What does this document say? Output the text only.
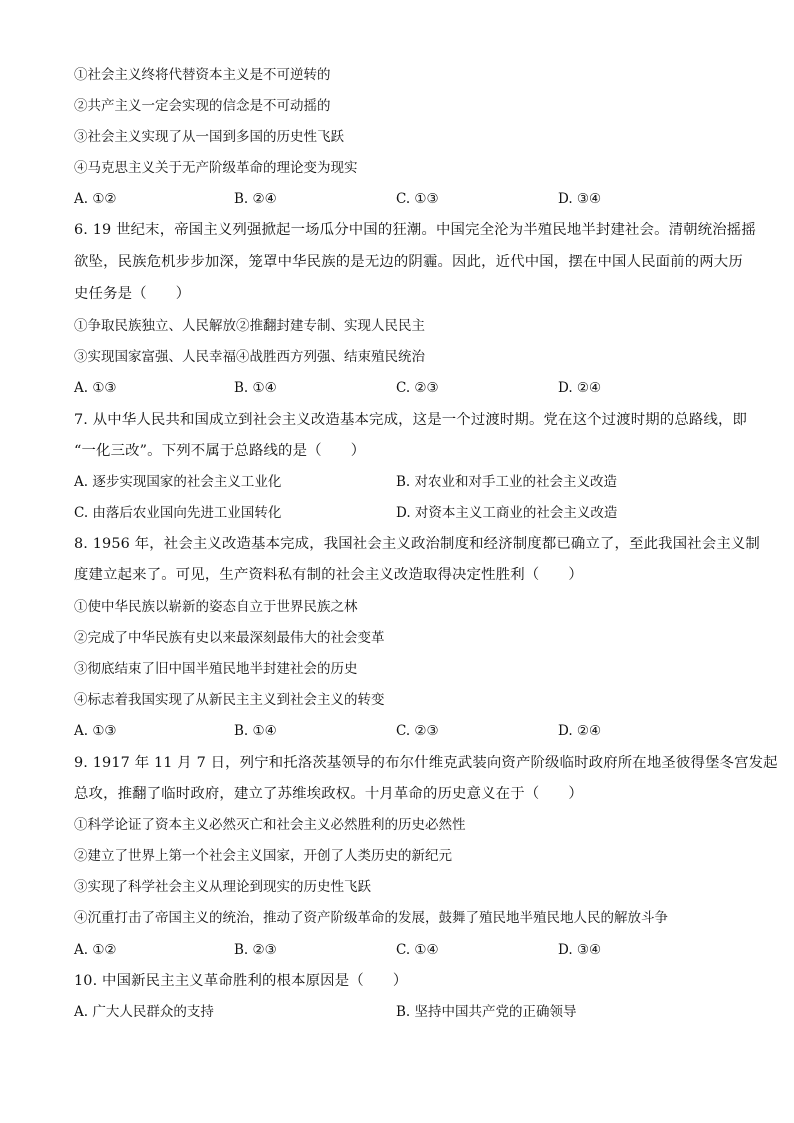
①社会主义终将代替资本主义是不可逆转的
②共产主义一定会实现的信念是不可动摇的
③社会主义实现了从一国到多国的历史性飞跃
④马克思主义关于无产阶级革命的理论变为现实
A. ①②	B. ②④	C. ①③	D. ③④
6. 19 世纪末，帝国主义列强掀起一场瓜分中国的狂潮。中国完全沦为半殖民地半封建社会。清朝统治摇摇
欲坠，民族危机步步加深，笼罩中华民族的是无边的阴霾。因此，近代中国，摆在中国人民面前的两大历
史任务是（　　）
①争取民族独立、人民解放②推翻封建专制、实现人民民主
③实现国家富强、人民幸福④战胜西方列强、结束殖民统治
A. ①③	B. ①④	C. ②③	D. ②④
7. 从中华人民共和国成立到社会主义改造基本完成，这是一个过渡时期。党在这个过渡时期的总路线，即
“一化三改”。下列不属于总路线的是（　　）
A. 逐步实现国家的社会主义工业化	B. 对农业和对手工业的社会主义改造
C. 由落后农业国向先进工业国转化	D. 对资本主义工商业的社会主义改造
8. 1956 年，社会主义改造基本完成，我国社会主义政治制度和经济制度都已确立了，至此我国社会主义制
度建立起来了。可见，生产资料私有制的社会主义改造取得决定性胜利（　　）
①使中华民族以崭新的姿态自立于世界民族之林
②完成了中华民族有史以来最深刻最伟大的社会变革
③彻底结束了旧中国半殖民地半封建社会的历史
④标志着我国实现了从新民主主义到社会主义的转变
A. ①③	B. ①④	C. ②③	D. ②④
9. 1917 年 11 月 7 日，列宁和托洛茨基领导的布尔什维克武装向资产阶级临时政府所在地圣彼得堡冬宫发起
总攻，推翻了临时政府，建立了苏维埃政权。十月革命的历史意义在于（　　）
①科学论证了资本主义必然灭亡和社会主义必然胜利的历史必然性
②建立了世界上第一个社会主义国家，开创了人类历史的新纪元
③实现了科学社会主义从理论到现实的历史性飞跃
④沉重打击了帝国主义的统治，推动了资产阶级革命的发展，鼓舞了殖民地半殖民地人民的解放斗争
A. ①②	B. ②③	C. ①④	D. ③④
10. 中国新民主主义革命胜利的根本原因是（　　）
A. 广大人民群众的支持	B. 坚持中国共产党的正确领导
